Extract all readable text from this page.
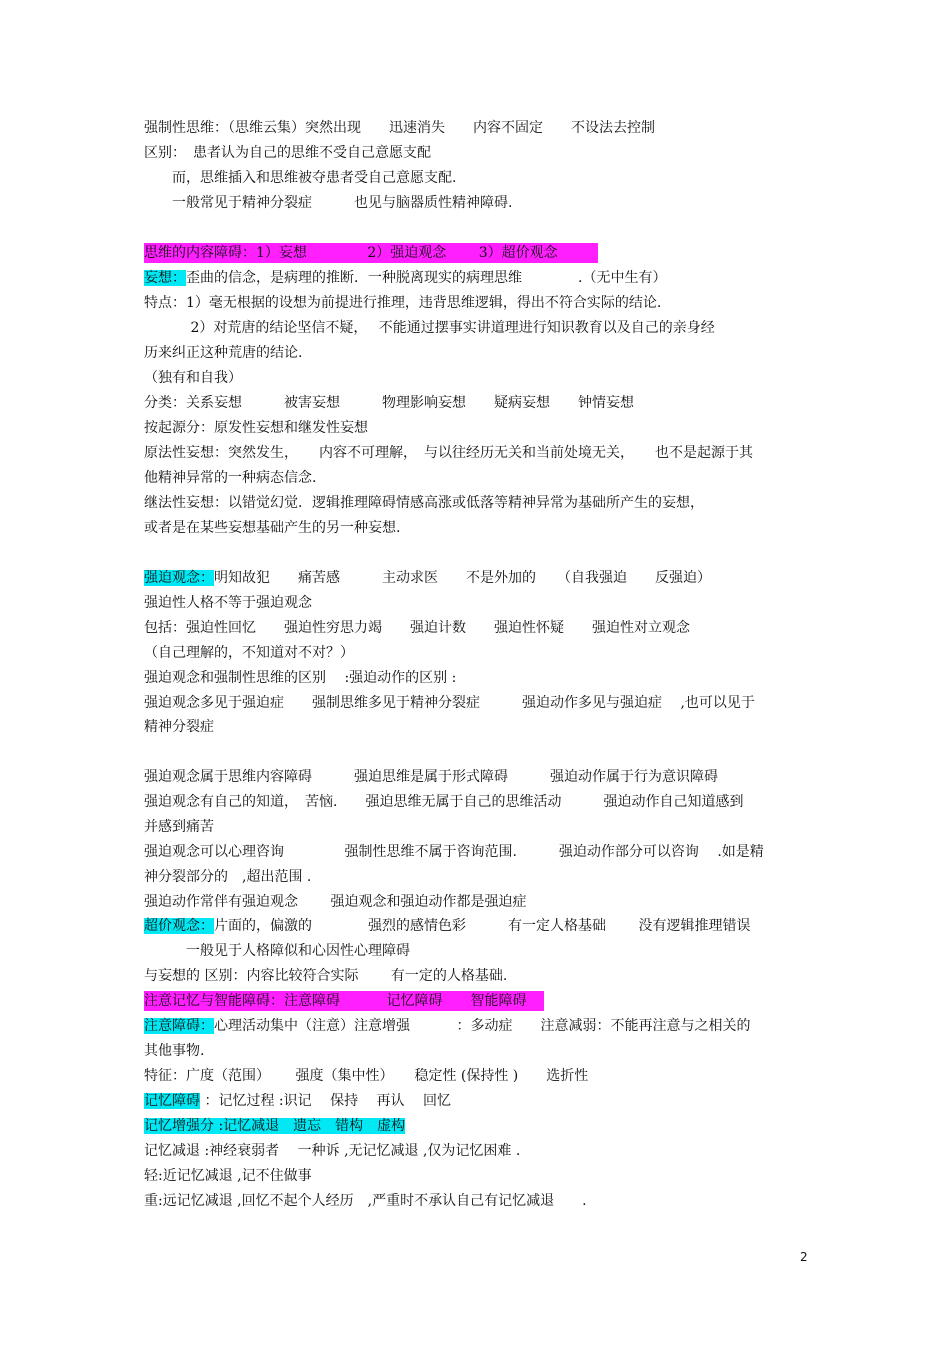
强制性思维：（思维云集）突然出现　　迅速消失　　内容不固定　　不设法去控制
区别：　患者认为自己的思维不受自己意愿支配
　　而，思维插入和思维被夺患者受自己意愿支配.
　　一般常见于精神分裂症　　　也见与脑器质性精神障碍.
思维的内容障碍：1）妄想　　　　 2）强迫观念　　 3）超价观念
妄想：歪曲的信念，是病理的推断．一种脱离现实的病理思维　　　　.（无中生有）
特点：1）毫无根据的设想为前提进行推理，违背思维逻辑，得出不符合实际的结论.
　　　 2）对荒唐的结论坚信不疑，　 不能通过摆事实讲道理进行知识教育以及自己的亲身经
历来纠正这种荒唐的结论.
（独有和自我）
分类：关系妄想　　　被害妄想　　　物理影响妄想　　疑病妄想　　钟情妄想
按起源分：原发性妄想和继发性妄想
原法性妄想：突然发生，　　内容不可理解，　与以往经历无关和当前处境无关，　　也不是起源于其
他精神异常的一种病态信念.
继法性妄想：以错觉幻觉．逻辑推理障碍情感高涨或低落等精神异常为基础所产生的妄想，
或者是在某些妄想基础产生的另一种妄想.
强迫观念：明知故犯　　痛苦感　　　主动求医　　不是外加的　　（自我强迫　　反强迫）
强迫性人格不等于强迫观念
包括：强迫性回忆　　强迫性穷思力竭　　强迫计数　　强迫性怀疑　　强迫性对立观念
（自己理解的，不知道对不对？）
强迫观念和强制性思维的区别　 :强迫动作的区别 :
强迫观念多见于强迫症　　强制思维多见于精神分裂症　　　强迫动作多见与强迫症　 ,也可以见于
精神分裂症
强迫观念属于思维内容障碍　　　强迫思维是属于形式障碍　　　强迫动作属于行为意识障碍
强迫观念有自己的知道，　苦恼.　　强迫思维无属于自己的思维活动　　　强迫动作自己知道感到
并感到痛苦
强迫观念可以心理咨询　　　　 强制性思维不属于咨询范围.　　　强迫动作部分可以咨询　 .如是精
神分裂部分的　,超出范围 .
强迫动作常伴有强迫观念　　 强迫观念和强迫动作都是强迫症
超价观念：片面的，偏激的　　　　强烈的感情色彩　　　有一定人格基础　　 没有逻辑推理错误
　　　一般见于人格障似和心因性心理障碍
与妄想的 区别：内容比较符合实际　　 有一定的人格基础.
注意记忆与智能障碍：注意障碍　　　 记忆障碍　　智能障碍
注意障碍：心理活动集中（注意）注意增强　　　 ：多动症　　注意减弱：不能再注意与之相关的
其他事物.
特征：广度（范围）　　 强度（集中性）　　稳定性 (保持性 )　　选折性
记忆障碍 ：记忆过程 :识记　 保持　 再认　 回忆
记忆增强分 :记忆减退　遗忘　错构　虚构
记忆减退 :神经衰弱者　 一种诉 ,无记忆减退 ,仅为记忆困难 .
轻:近记忆减退 ,记不住做事
重:远记忆减退 ,回忆不起个人经历　,严重时不承认自己有记忆减退　　.
2
